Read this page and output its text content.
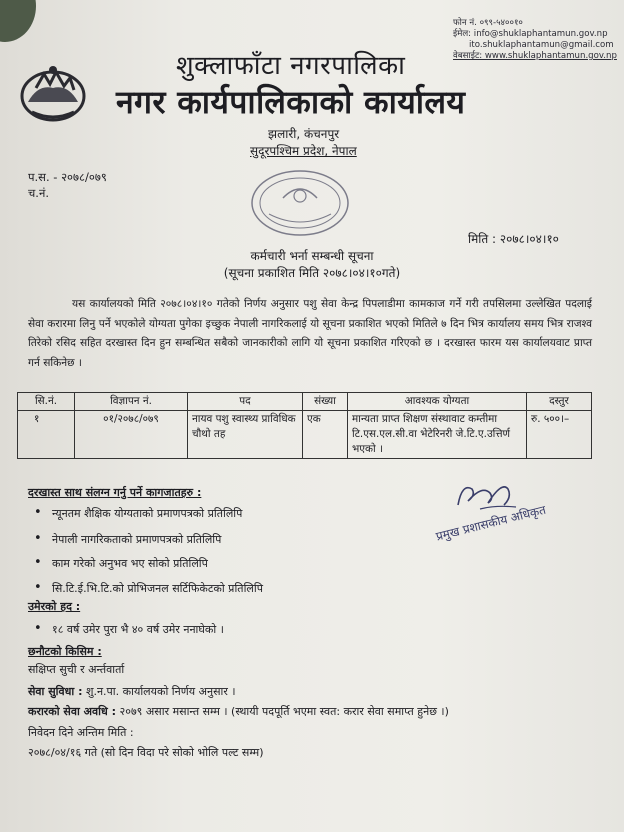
फोन नं. ०९९-५४००१०
ईमेल: info@shuklaphantamun.gov.np
ito.shuklaphantamun@gmail.com
वेबसाईट: www.shuklaphantamun.gov.np
शुक्लाफाँटा नगरपालिका
नगर कार्यपालिकाको कार्यालय
झलारी, कंचनपुर
सुदूरपश्चिम प्रदेश, नेपाल
प.स. - २०७८/०७९
च.नं.
मिति : २०७८।०४।१०
कर्मचारी भर्ना सम्बन्धी सूचना
(सूचना प्रकाशित मिति २०७८।०४।१०गते)
यस कार्यालयको मिति २०७८।०४।१० गतेको निर्णय अनुसार पशु सेवा केन्द्र पिपलाडीमा कामकाज गर्ने गरी तपसिलमा उल्लेखित पदलाई सेवा करारमा लिनु पर्ने भएकोले योग्यता पुगेका इच्छुक नेपाली नागरिकलाई यो सूचना प्रकाशित भएको मितिले ७ दिन भित्र कार्यालय समय भित्र राजश्व तिरेको रसिद सहित दरखास्त दिन हुन सम्बन्धित सबैको जानकारीको लागि यो सूचना प्रकाशित गरिएको छ । दरखास्त फारम यस कार्यालयवाट प्राप्त गर्न सकिनेछ ।
सि.नं.	विज्ञापन नं.	पद	संख्या	आवश्यक योग्यता	दस्तुर
१	०१/२०७८/०७९	नायव पशु स्वास्थ्य प्राविधिक चौथो तह	एक	मान्यता प्राप्त शिक्षण संस्थावाट कम्तीमा टि.एस.एल.सी.वा भेटेरिनरी जे.टि.ए.उत्तिर्ण भएको ।	रु. ५००।–
दरखास्त साथ संलग्न गर्नु पर्ने कागजातहरु :
• न्यूनतम शैक्षिक योग्यताको प्रमाणपत्रको प्रतिलिपि
• नेपाली नागरिकताको प्रमाणपत्रको प्रतिलिपि
• काम गरेको अनुभव भए सोको प्रतिलिपि
• सि.टि.ई.भि.टि.को प्रोभिजनल सर्टिफिकेटको प्रतिलिपि
प्रमुख प्रशासकीय अधिकृत
उमेरको हद :
• १८ वर्ष उमेर पुरा भै ४० वर्ष उमेर ननाघेको ।
छनौटको किसिम :
सक्षिप्त सुची र अर्न्तवार्ता
सेवा सुविधा : शु.न.पा. कार्यालयको निर्णय अनुसार ।
करारको सेवा अवधि : २०७९ असार मसान्त सम्म । (स्थायी पदपूर्ति भएमा स्वत: करार सेवा समाप्त हुनेछ ।)
निवेदन दिने अन्तिम मिति :
२०७८/०४/१६ गते (सो दिन विदा परे सोको भोलि पल्ट सम्म)
